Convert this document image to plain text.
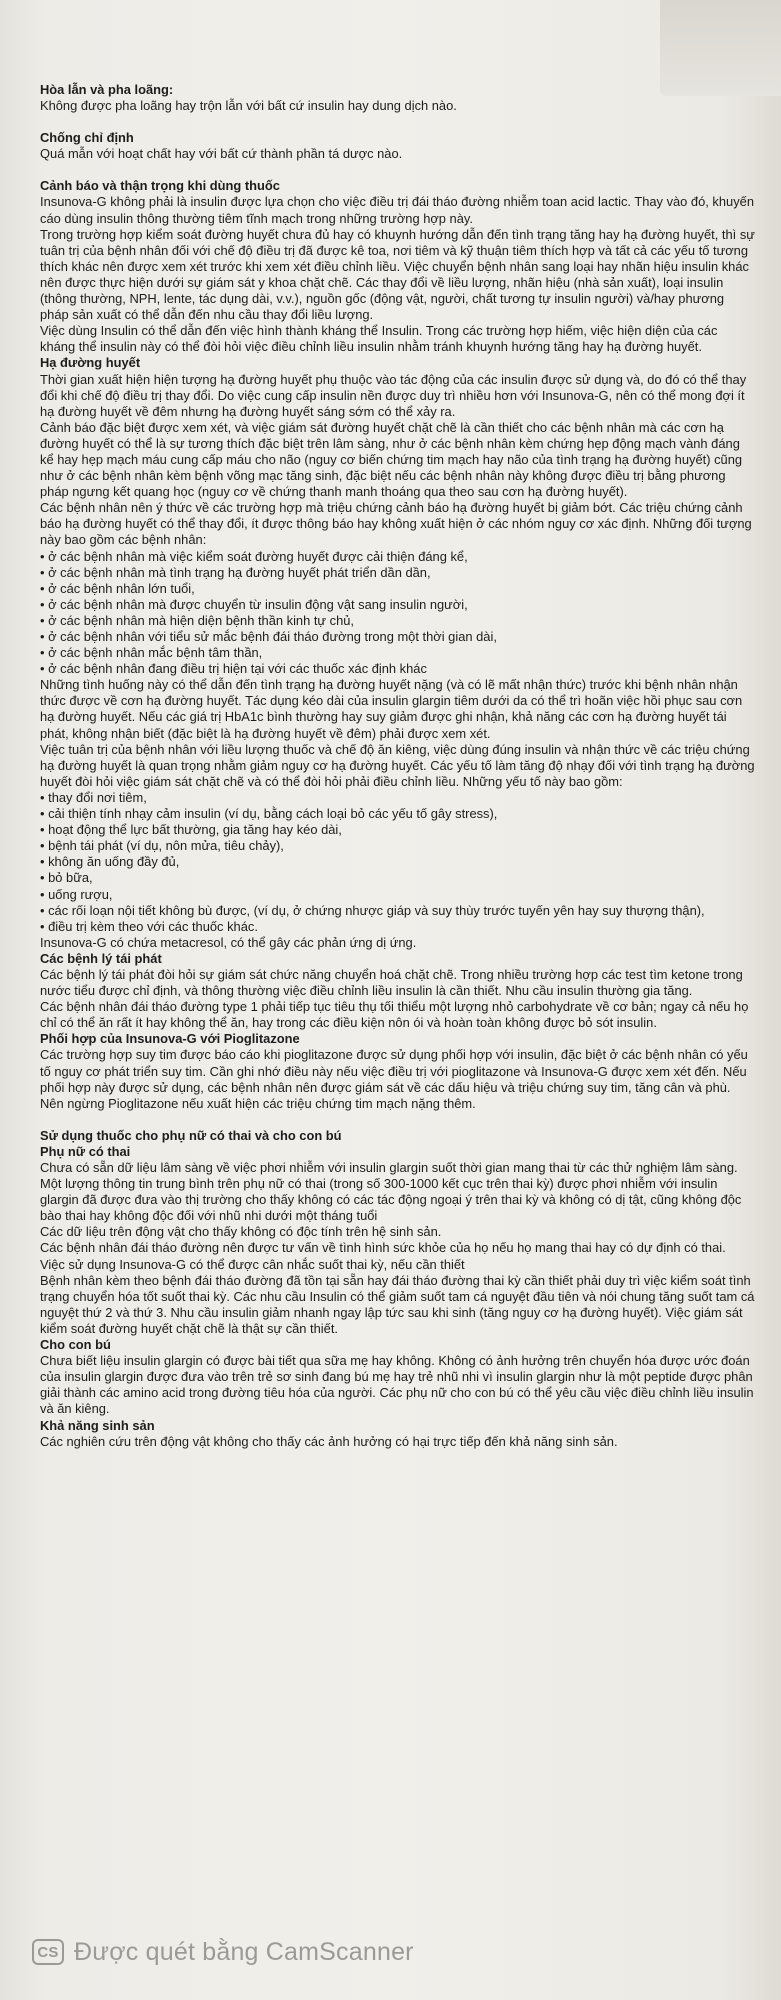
Hòa lẫn và pha loãng:

Không được pha loãng hay trộn lẫn với bất cứ insulin hay dung dịch nào.

Chống chỉ định

Quá mẫn với hoạt chất hay với bất cứ thành phần tá dược nào.

Cảnh báo và thận trọng khi dùng thuốc

Insunova-G không phải là insulin được lựa chọn cho việc điều trị đái tháo đường nhiễm toan acid lactic. Thay vào đó, khuyến cáo dùng insulin thông thường tiêm tĩnh mạch trong những trường hợp này.

Trong trường hợp kiểm soát đường huyết chưa đủ hay có khuynh hướng dẫn đến tình trạng tăng hay hạ đường huyết, thì sự tuân trị của bệnh nhân đối với chế độ điều trị đã được kê toa, nơi tiêm và kỹ thuận tiêm thích hợp và tất cả các yếu tố tương thích khác nên được xem xét trước khi xem xét điều chỉnh liều. Việc chuyển bệnh nhân sang loại hay nhãn hiệu insulin khác nên được thực hiện dưới sự giám sát y khoa chặt chẽ. Các thay đổi về liều lượng, nhãn hiệu (nhà sản xuất), loại insulin (thông thường, NPH, lente, tác dụng dài, v.v.), nguồn gốc (động vật, người, chất tương tự insulin người) và/hay phương pháp sản xuất có thể dẫn đến nhu cầu thay đổi liều lượng.

Việc dùng Insulin có thể dẫn đến việc hình thành kháng thể Insulin. Trong các trường hợp hiếm, việc hiện diện của các kháng thể insulin này có thể đòi hỏi việc điều chỉnh liều insulin nhằm tránh khuynh hướng tăng hay hạ đường huyết.

Hạ đường huyết

Thời gian xuất hiện hiện tượng hạ đường huyết phụ thuộc vào tác động của các insulin được sử dụng và, do đó có thể thay đổi khi chế độ điều trị thay đổi. Do việc cung cấp insulin nền được duy trì nhiều hơn với Insunova-G, nên có thể mong đợi ít hạ đường huyết về đêm nhưng hạ đường huyết sáng sớm có thể xảy ra.

Cảnh báo đặc biệt được xem xét, và việc giám sát đường huyết chặt chẽ là cần thiết cho các bệnh nhân mà các cơn hạ đường huyết có thể là sự tương thích đặc biệt trên lâm sàng, như ở các bệnh nhân kèm chứng hẹp động mạch vành đáng kể hay hẹp mạch máu cung cấp máu cho não (nguy cơ biến chứng tim mạch hay não của tình trạng hạ đường huyết) cũng như ở các bệnh nhân kèm bệnh võng mạc tăng sinh, đặc biệt nếu các bệnh nhân này không được điều trị bằng phương pháp ngưng kết quang học (nguy cơ về chứng thanh manh thoáng qua theo sau cơn hạ đường huyết).

Các bệnh nhân nên ý thức về các trường hợp mà triệu chứng cảnh báo hạ đường huyết bị giảm bớt. Các triệu chứng cảnh báo hạ đường huyết có thể thay đổi, ít được thông báo hay không xuất hiện ở các nhóm nguy cơ xác định. Những đối tượng này bao gồm các bệnh nhân:

• ở các bệnh nhân mà việc kiểm soát đường huyết được cải thiện đáng kể,
• ở các bệnh nhân mà tình trạng hạ đường huyết phát triển dần dần,
• ở các bệnh nhân lớn tuổi,
• ở các bệnh nhân mà được chuyển từ insulin động vật sang insulin người,
• ở các bệnh nhân mà hiện diện bệnh thần kinh tự chủ,
• ở các bệnh nhân với tiểu sử mắc bệnh đái tháo đường trong một thời gian dài,
• ở các bệnh nhân mắc bệnh tâm thần,
• ở các bệnh nhân đang điều trị hiện tại với các thuốc xác định khác

Những tình huống này có thể dẫn đến tình trạng hạ đường huyết nặng (và có lẽ mất nhận thức) trước khi bệnh nhân nhận thức được về cơn hạ đường huyết. Tác dụng kéo dài của insulin glargin tiêm dưới da có thể trì hoãn việc hồi phục sau cơn hạ đường huyết. Nếu các giá trị HbA1c bình thường hay suy giảm được ghi nhận, khả năng các cơn hạ đường huyết tái phát, không nhận biết (đặc biệt là hạ đường huyết về đêm) phải được xem xét.

Việc tuân trị của bệnh nhân với liều lượng thuốc và chế độ ăn kiêng, việc dùng đúng insulin và nhận thức về các triệu chứng hạ đường huyết là quan trọng nhằm giảm nguy cơ hạ đường huyết. Các yếu tố làm tăng độ nhạy đối với tình trạng hạ đường huyết đòi hỏi việc giám sát chặt chẽ và có thể đòi hỏi phải điều chỉnh liều. Những yếu tố này bao gồm:

• thay đổi nơi tiêm,
• cải thiện tính nhạy cảm insulin (ví dụ, bằng cách loại bỏ các yếu tố gây stress),
• hoạt động thể lực bất thường, gia tăng hay kéo dài,
• bệnh tái phát (ví dụ, nôn mửa, tiêu chảy),
• không ăn uống đầy đủ,
• bỏ bữa,
• uống rượu,
• các rối loạn nội tiết không bù được, (ví dụ, ở chứng nhược giáp và suy thùy trước tuyến yên hay suy thượng thận),
• điều trị kèm theo với các thuốc khác.

Insunova-G có chứa metacresol, có thể gây các phản ứng dị ứng.

Các bệnh lý tái phát

Các bệnh lý tái phát đòi hỏi sự giám sát chức năng chuyển hoá chặt chẽ. Trong nhiều trường hợp các test tìm ketone trong nước tiểu được chỉ định, và thông thường việc điều chỉnh liều insulin là cần thiết. Nhu cầu insulin thường gia tăng.

Các bệnh nhân đái tháo đường type 1 phải tiếp tục tiêu thụ tối thiểu một lượng nhỏ carbohydrate về cơ bản; ngay cả nếu họ chỉ có thể ăn rất ít hay không thể ăn, hay trong các điều kiện nôn ói và hoàn toàn không được bỏ sót insulin.

Phối hợp của Insunova-G với Pioglitazone

Các trường hợp suy tim được báo cáo khi pioglitazone được sử dụng phối hợp với insulin, đặc biệt ở các bệnh nhân có yếu tố nguy cơ phát triển suy tim. Cần ghi nhớ điều này nếu việc điều trị với pioglitazone và Insunova-G được xem xét đến. Nếu phối hợp này được sử dụng, các bệnh nhân nên được giám sát về các dấu hiệu và triệu chứng suy tim, tăng cân và phù. Nên ngừng Pioglitazone nếu xuất hiện các triệu chứng tim mạch nặng thêm.

Sử dụng thuốc cho phụ nữ có thai và cho con bú

Phụ nữ có thai

Chưa có sẵn dữ liệu lâm sàng về việc phơi nhiễm với insulin glargin suốt thời gian mang thai từ các thử nghiệm lâm sàng. Một lượng thông tin trung bình trên phụ nữ có thai (trong số 300-1000 kết cục trên thai kỳ) được phơi nhiễm với insulin glargin đã được đưa vào thị trường cho thấy không có các tác động ngoại ý trên thai kỳ và không có dị tật, cũng không độc bào thai hay không độc đối với nhũ nhi dưới một tháng tuổi

Các dữ liệu trên động vật cho thấy không có độc tính trên hệ sinh sản.

Các bệnh nhân đái tháo đường nên được tư vấn về tình hình sức khỏe của họ nếu họ mang thai hay có dự định có thai.

Việc sử dụng Insunova-G có thể được cân nhắc suốt thai kỳ, nếu cần thiết

Bệnh nhân kèm theo bệnh đái tháo đường đã tồn tại sẵn hay đái tháo đường thai kỳ cần thiết phải duy trì việc kiểm soát tình trạng chuyển hóa tốt suốt thai kỳ. Các nhu cầu Insulin có thể giảm suốt tam cá nguyệt đầu tiên và nói chung tăng suốt tam cá nguyệt thứ 2 và thứ 3. Nhu cầu insulin giảm nhanh ngay lập tức sau khi sinh (tăng nguy cơ hạ đường huyết). Việc giám sát kiểm soát đường huyết chặt chẽ là thật sự cần thiết.

Cho con bú

Chưa biết liệu insulin glargin có được bài tiết qua sữa mẹ hay không. Không có ảnh hưởng trên chuyển hóa được ước đoán của insulin glargin được đưa vào trên trẻ sơ sinh đang bú mẹ hay trẻ nhũ nhi vì insulin glargin như là một peptide được phân giải thành các amino acid trong đường tiêu hóa của người. Các phụ nữ cho con bú có thể yêu cầu việc điều chỉnh liều insulin và ăn kiêng.

Khả năng sinh sản

Các nghiên cứu trên động vật không cho thấy các ảnh hưởng có hại trực tiếp đến khả năng sinh sản.

CS Được quét bằng CamScanner
